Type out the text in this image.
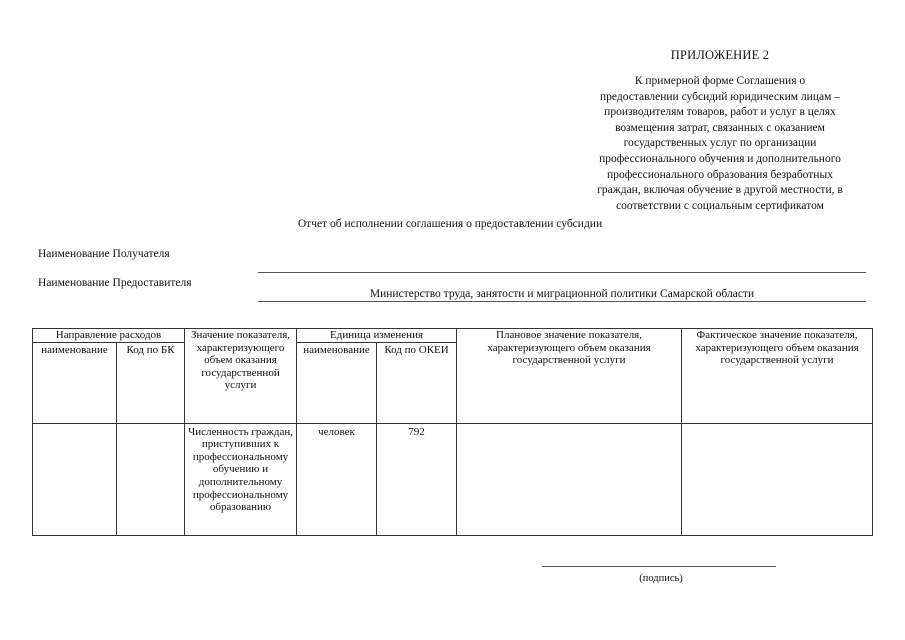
ПРИЛОЖЕНИЕ 2
К примерной форме Соглашения о
предоставлении субсидий юридическим лицам –
производителям товаров, работ и услуг в целях
возмещения затрат, связанных с оказанием
государственных услуг по организации
профессионального обучения и дополнительного
профессионального образования безработных
граждан, включая обучение в другой местности, в
соответствии с социальным сертификатом
Отчет об исполнении соглашения о предоставлении субсидии
Наименование Получателя
Наименование Предоставителя
Министерство труда, занятости и миграционной политики Самарской области
Направление расходов		Значение показателя, характеризующего объем оказания государственной услуги	Единица изменения		Плановое значение показателя, характеризующего объем оказания государственной услуги	Фактическое значение показателя, характеризующего объем оказания государственной услуги
наименование	Код по БК		наименование	Код по ОКЕИ		
		Численность граждан, приступивших к профессиональному обучению и дополнительному профессиональному образованию	человек	792		
(подпись)
